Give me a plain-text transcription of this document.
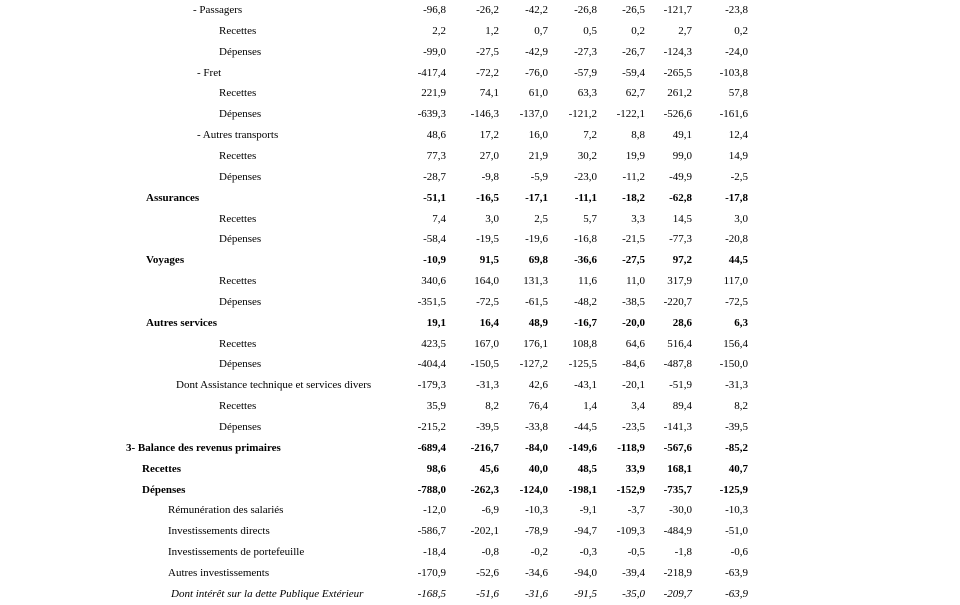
- Passagers	-96,8	-26,2	-42,2	-26,8	-26,5	-121,7	-23,8
Recettes	2,2	1,2	0,7	0,5	0,2	2,7	0,2
Dépenses	-99,0	-27,5	-42,9	-27,3	-26,7	-124,3	-24,0
- Fret	-417,4	-72,2	-76,0	-57,9	-59,4	-265,5	-103,8
Recettes	221,9	74,1	61,0	63,3	62,7	261,2	57,8
Dépenses	-639,3	-146,3	-137,0	-121,2	-122,1	-526,6	-161,6
- Autres transports	48,6	17,2	16,0	7,2	8,8	49,1	12,4
Recettes	77,3	27,0	21,9	30,2	19,9	99,0	14,9
Dépenses	-28,7	-9,8	-5,9	-23,0	-11,2	-49,9	-2,5
Assurances	-51,1	-16,5	-17,1	-11,1	-18,2	-62,8	-17,8
Recettes	7,4	3,0	2,5	5,7	3,3	14,5	3,0
Dépenses	-58,4	-19,5	-19,6	-16,8	-21,5	-77,3	-20,8
Voyages	-10,9	91,5	69,8	-36,6	-27,5	97,2	44,5
Recettes	340,6	164,0	131,3	11,6	11,0	317,9	117,0
Dépenses	-351,5	-72,5	-61,5	-48,2	-38,5	-220,7	-72,5
Autres services	19,1	16,4	48,9	-16,7	-20,0	28,6	6,3
Recettes	423,5	167,0	176,1	108,8	64,6	516,4	156,4
Dépenses	-404,4	-150,5	-127,2	-125,5	-84,6	-487,8	-150,0
Dont Assistance technique et services divers	-179,3	-31,3	42,6	-43,1	-20,1	-51,9	-31,3
Recettes	35,9	8,2	76,4	1,4	3,4	89,4	8,2
Dépenses	-215,2	-39,5	-33,8	-44,5	-23,5	-141,3	-39,5
3- Balance des revenus primaires	-689,4	-216,7	-84,0	-149,6	-118,9	-567,6	-85,2
Recettes	98,6	45,6	40,0	48,5	33,9	168,1	40,7
Dépenses	-788,0	-262,3	-124,0	-198,1	-152,9	-735,7	-125,9
Rémunération des salariés	-12,0	-6,9	-10,3	-9,1	-3,7	-30,0	-10,3
Investissements directs	-586,7	-202,1	-78,9	-94,7	-109,3	-484,9	-51,0
Investissements de portefeuille	-18,4	-0,8	-0,2	-0,3	-0,5	-1,8	-0,6
Autres investissements	-170,9	-52,6	-34,6	-94,0	-39,4	-218,9	-63,9
Dont intérêt sur la dette Publique Extérieur	-168,5	-51,6	-31,6	-91,5	-35,0	-209,7	-63,9
